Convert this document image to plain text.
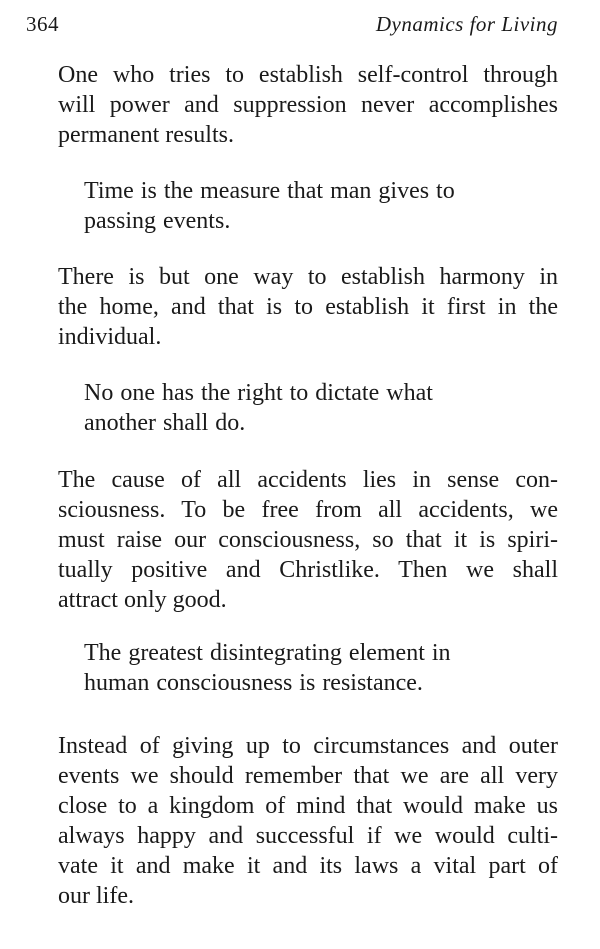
364	Dynamics for Living

One who tries to establish self-control through
will power and suppression never accomplishes
permanent results.

Time is the measure that man gives to
passing events.

There is but one way to establish harmony in
the home, and that is to establish it first in the
individual.

No one has the right to dictate what
another shall do.

The cause of all accidents lies in sense con-
sciousness. To be free from all accidents, we
must raise our consciousness, so that it is spiri-
tually positive and Christlike. Then we shall
attract only good.

The greatest disintegrating element in
human consciousness is resistance.

Instead of giving up to circumstances and outer
events we should remember that we are all very
close to a kingdom of mind that would make us
always happy and successful if we would culti-
vate it and make it and its laws a vital part of
our life.
